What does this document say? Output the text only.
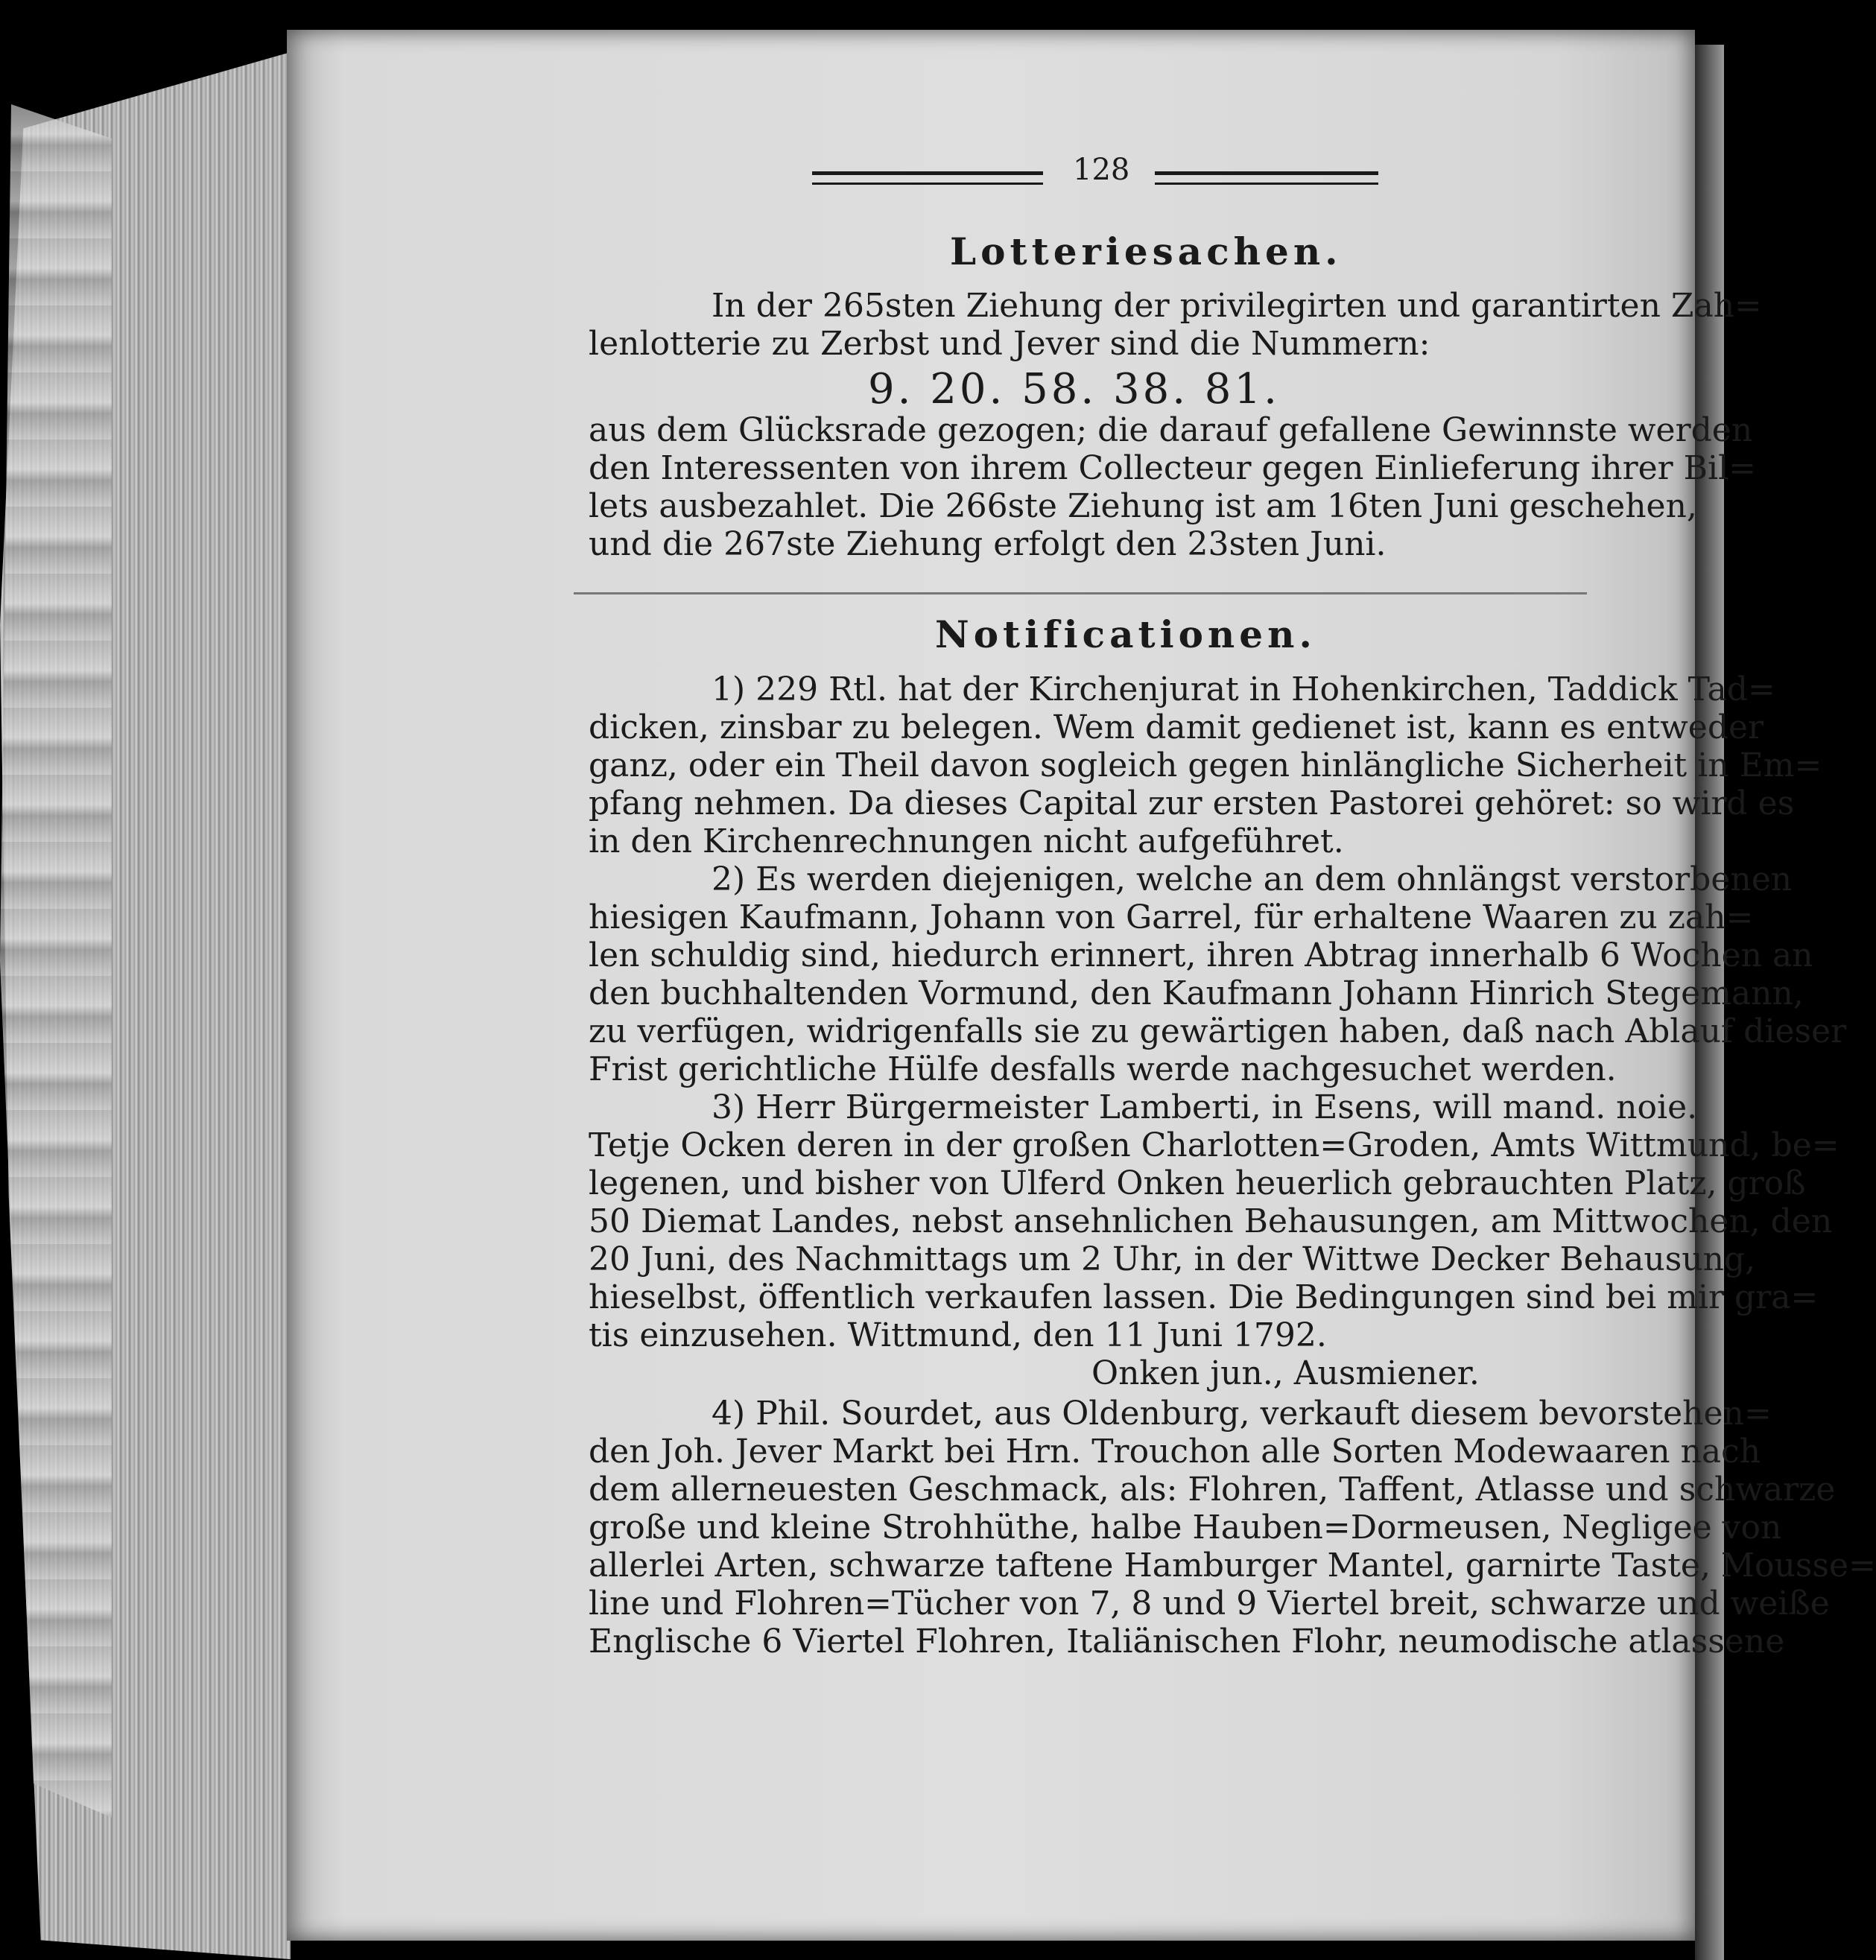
128
Lotteriesachen.
In der 265sten Ziehung der privilegirten und garantirten Zah=
lenlotterie zu Zerbst und Jever sind die Nummern:
9. 20. 58. 38. 81.
aus dem Glücksrade gezogen; die darauf gefallene Gewinnste werden
den Interessenten von ihrem Collecteur gegen Einlieferung ihrer Bil=
lets ausbezahlet. Die 266ste Ziehung ist am 16ten Juni geschehen,
und die 267ste Ziehung erfolgt den 23sten Juni.
Notificationen.
1) 229 Rtl. hat der Kirchenjurat in Hohenkirchen, Taddick Tad=
dicken, zinsbar zu belegen. Wem damit gedienet ist, kann es entweder
ganz, oder ein Theil davon sogleich gegen hinlängliche Sicherheit in Em=
pfang nehmen. Da dieses Capital zur ersten Pastorei gehöret: so wird es
in den Kirchenrechnungen nicht aufgeführet.
2) Es werden diejenigen, welche an dem ohnlängst verstorbenen
hiesigen Kaufmann, Johann von Garrel, für erhaltene Waaren zu zah=
len schuldig sind, hiedurch erinnert, ihren Abtrag innerhalb 6 Wochen an
den buchhaltenden Vormund, den Kaufmann Johann Hinrich Stegemann,
zu verfügen, widrigenfalls sie zu gewärtigen haben, daß nach Ablauf dieser
Frist gerichtliche Hülfe desfalls werde nachgesuchet werden.
3) Herr Bürgermeister Lamberti, in Esens, will mand. noie.
Tetje Ocken deren in der großen Charlotten=Groden, Amts Wittmund, be=
legenen, und bisher von Ulferd Onken heuerlich gebrauchten Platz, groß
50 Diemat Landes, nebst ansehnlichen Behausungen, am Mittwochen, den
20 Juni, des Nachmittags um 2 Uhr, in der Wittwe Decker Behausung,
hieselbst, öffentlich verkaufen lassen. Die Bedingungen sind bei mir gra=
tis einzusehen. Wittmund, den 11 Juni 1792.
Onken jun., Ausmiener.
4) Phil. Sourdet, aus Oldenburg, verkauft diesem bevorstehen=
den Joh. Jever Markt bei Hrn. Trouchon alle Sorten Modewaaren nach
dem allerneuesten Geschmack, als: Flohren, Taffent, Atlasse und schwarze
große und kleine Strohhüthe, halbe Hauben=Dormeusen, Negligee von
allerlei Arten, schwarze taftene Hamburger Mantel, garnirte Taste, Mousse=
line und Flohren=Tücher von 7, 8 und 9 Viertel breit, schwarze und weiße
Englische 6 Viertel Flohren, Italiänischen Flohr, neumodische atlassene
